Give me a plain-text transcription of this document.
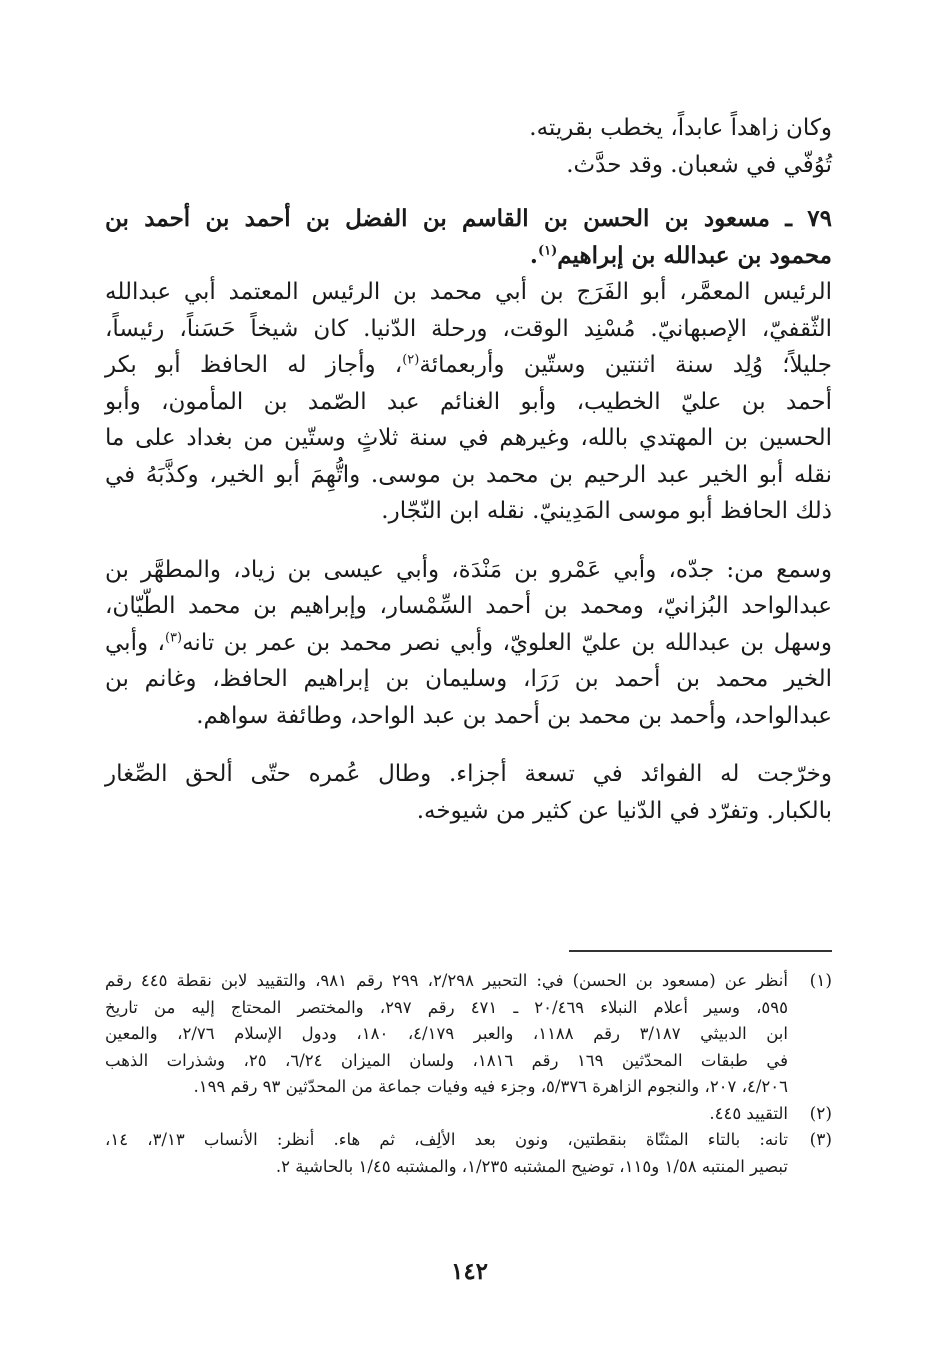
وكان زاهداً عابداً، يخطب بقريته.
تُوُفّي في شعبان. وقد حدَّث.
٧٩ ـ مسعود بن الحسن بن القاسم بن الفضل بن أحمد بن أحمد بن
محمود بن عبدالله بن إبراهيم$^{(١)}$.
الرئيس المعمَّر، أبو الفَرَج بن أبي محمد بن الرئيس المعتمد أبي عبدالله
الثّقفيّ، الإصبهانيّ. مُسْنِد الوقت، ورحلة الدّنيا. كان شيخاً حَسَناً، رئيساً،
جليلاً؛ وُلِد سنة اثنتين وستّين وأربعمائة$^{(٢)}$، وأجاز له الحافظ أبو بكر
أحمد بن عليّ الخطيب، وأبو الغنائم عبد الصّمد بن المأمون، وأبو
الحسين بن المهتدي بالله، وغيرهم في سنة ثلاثٍ وستّين من بغداد على ما
نقله أبو الخير عبد الرحيم بن محمد بن موسى. واتُّهِمَ أبو الخير، وكذَّبَهُ في
ذلك الحافظ أبو موسى المَدِينيّ. نقله ابن النّجّار.
وسمع من: جدّه، وأبي عَمْرو بن مَنْدَة، وأبي عيسى بن زياد، والمطهَّر بن
عبدالواحد البُزانيّ، ومحمد بن أحمد السِّمْسار، وإبراهيم بن محمد الطّيّان،
وسهل بن عبدالله بن عليّ العلويّ، وأبي نصر محمد بن عمر بن تانه$^{(٣)}$، وأبي
الخير محمد بن أحمد بن رَرَا، وسليمان بن إبراهيم الحافظ، وغانم بن
عبدالواحد، وأحمد بن محمد بن أحمد بن عبد الواحد، وطائفة سواهم.
وخرّجت له الفوائد في تسعة أجزاء. وطال عُمره حتّى ألحق الصِّغار
بالكبار. وتفرّد في الدّنيا عن كثير من شيوخه.
(١)
أنظر عن (مسعود بن الحسن) في: التحبير ٢/٢٩٨، ٢٩٩ رقم ٩٨١، والتقييد لابن نقطة ٤٤٥ رقم
٥٩٥، وسير أعلام النبلاء ٢٠/٤٦٩ ـ ٤٧١ رقم ٢٩٧، والمختصر المحتاج إليه من تاريخ
ابن الدبيثي ٣/١٨٧ رقم ١١٨٨، والعبر ٤/١٧٩، ١٨٠، ودول الإسلام ٢/٧٦، والمعين
في طبقات المحدّثين ١٦٩ رقم ١٨١٦، ولسان الميزان ٦/٢٤، ٢٥، وشذرات الذهب
٤/٢٠٦، ٢٠٧، والنجوم الزاهرة ٥/٣٧٦، وجزء فيه وفيات جماعة من المحدّثين ٩٣ رقم ١٩٩.
(٢)
التقييد ٤٤٥.
(٣)
تانه: بالتاء المثنّاة بنقطتين، ونون بعد الألِف، ثم هاء. أنظر: الأنساب ٣/١٣، ١٤،
تبصير المنتبه ١/٥٨ و١١٥، توضيح المشتبه ١/٢٣٥، والمشتبه ١/٤٥ بالحاشية ٢.
١٤٢
